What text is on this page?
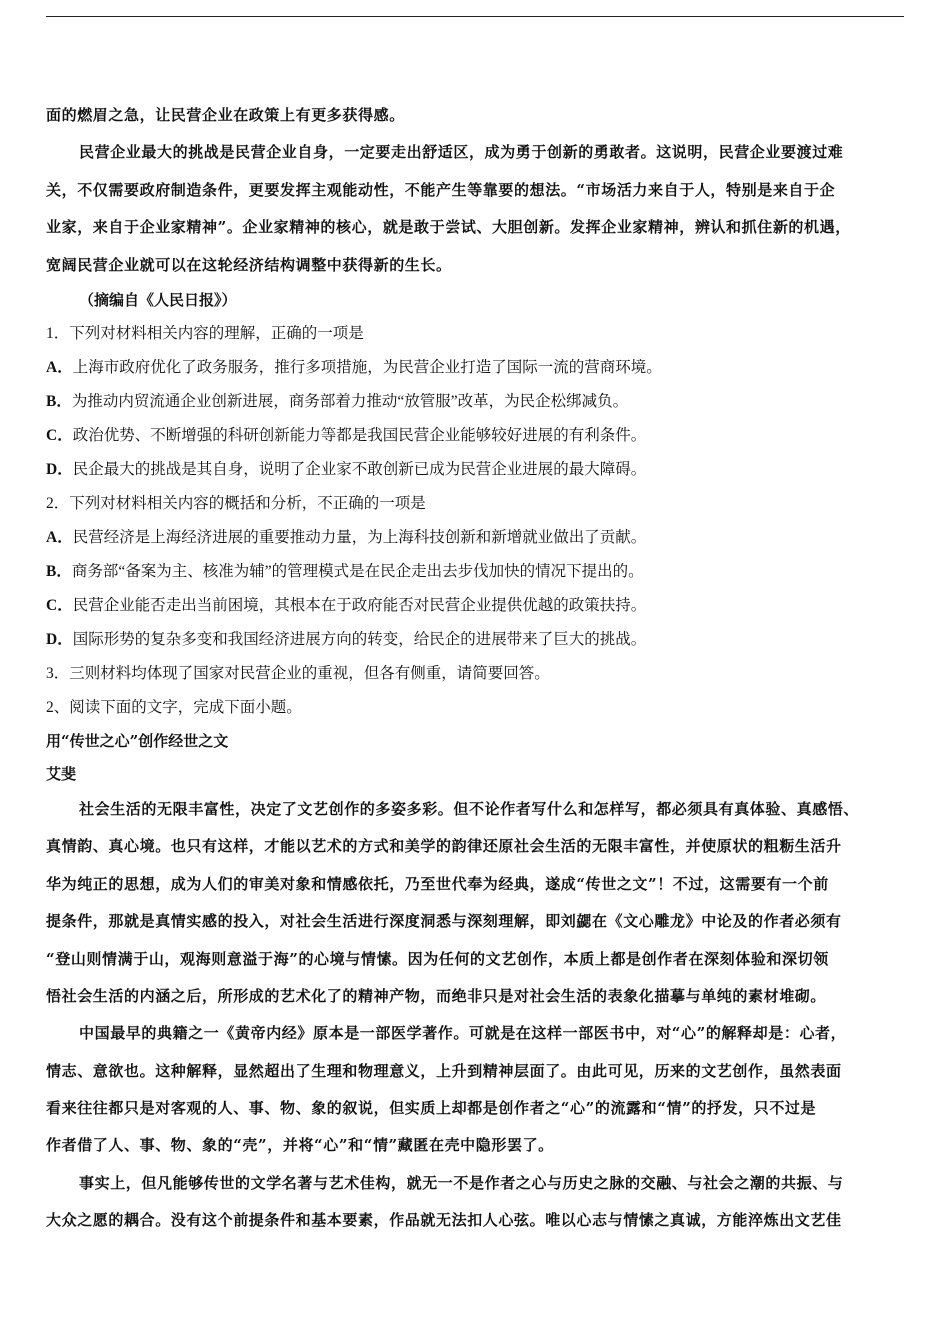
面的燃眉之急，让民营企业在政策上有更多获得感。
民营企业最大的挑战是民营企业自身，一定要走出舒适区，成为勇于创新的勇敢者。这说明，民营企业要渡过难
关，不仅需要政府制造条件，更要发挥主观能动性，不能产生等靠要的想法。“市场活力来自于人，特别是来自于企
业家，来自于企业家精神”。企业家精神的核心，就是敢于尝试、大胆创新。发挥企业家精神，辨认和抓住新的机遇，
宽阔民营企业就可以在这轮经济结构调整中获得新的生长。
（摘编自《人民日报》）
1．下列对材料相关内容的理解，正确的一项是
A．上海市政府优化了政务服务，推行多项措施，为民营企业打造了国际一流的营商环境。
B．为推动内贸流通企业创新进展，商务部着力推动“放管服”改革，为民企松绑减负。
C．政治优势、不断增强的科研创新能力等都是我国民营企业能够较好进展的有利条件。
D．民企最大的挑战是其自身，说明了企业家不敢创新已成为民营企业进展的最大障碍。
2．下列对材料相关内容的概括和分析，不正确的一项是
A．民营经济是上海经济进展的重要推动力量，为上海科技创新和新增就业做出了贡献。
B．商务部“备案为主、核准为辅”的管理模式是在民企走出去步伐加快的情况下提出的。
C．民营企业能否走出当前困境，其根本在于政府能否对民营企业提供优越的政策扶持。
D．国际形势的复杂多变和我国经济进展方向的转变，给民企的进展带来了巨大的挑战。
3．三则材料均体现了国家对民营企业的重视，但各有侧重，请简要回答。
2、阅读下面的文字，完成下面小题。
用“传世之心”创作经世之文
艾斐
社会生活的无限丰富性，决定了文艺创作的多姿多彩。但不论作者写什么和怎样写，都必须具有真体验、真感悟、
真情韵、真心境。也只有这样，才能以艺术的方式和美学的韵律还原社会生活的无限丰富性，并使原状的粗粝生活升
华为纯正的思想，成为人们的审美对象和情感依托，乃至世代奉为经典，遂成“传世之文”！不过，这需要有一个前
提条件，那就是真情实感的投入，对社会生活进行深度洞悉与深刻理解，即刘勰在《文心雕龙》中论及的作者必须有
“登山则情满于山，观海则意溢于海”的心境与情愫。因为任何的文艺创作，本质上都是创作者在深刻体验和深切领
悟社会生活的内涵之后，所形成的艺术化了的精神产物，而绝非只是对社会生活的表象化描摹与单纯的素材堆砌。
中国最早的典籍之一《黄帝内经》原本是一部医学著作。可就是在这样一部医书中，对“心”的解释却是：心者，
情志、意欲也。这种解释，显然超出了生理和物理意义，上升到精神层面了。由此可见，历来的文艺创作，虽然表面
看来往往都只是对客观的人、事、物、象的叙说，但实质上却都是创作者之“心”的流露和“情”的抒发，只不过是
作者借了人、事、物、象的“壳”，并将“心”和“情”藏匿在壳中隐形罢了。
事实上，但凡能够传世的文学名著与艺术佳构，就无一不是作者之心与历史之脉的交融、与社会之潮的共振、与
大众之愿的耦合。没有这个前提条件和基本要素，作品就无法扣人心弦。唯以心志与情愫之真诚，方能淬炼出文艺佳
